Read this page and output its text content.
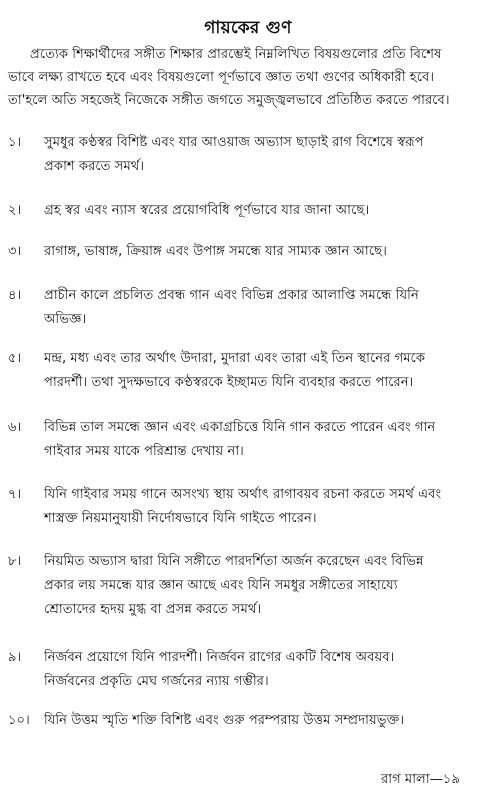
গায়কের গুণ
প্রত্যেক শিক্ষার্থীদের সঙ্গীত শিক্ষার প্রারম্ভেই নিম্নলিখিত বিষয়গুলোর প্রতি বিশেষ
ভাবে লক্ষ্য রাখতে হবে এবং বিষয়গুলো পূর্ণভাবে জ্ঞাত তথা গুণের অধিকারী হবে।
তা'হলে অতি সহজেই নিজেকে সঙ্গীত জগতে সমুজ্জ্বলভাবে প্রতিষ্ঠিত করতে পারবে।
১।	সুমধুর কণ্ঠস্বর বিশিষ্ট এবং যার আওয়াজ অভ্যাস ছাড়াই রাগ বিশেষে স্বরূপ
প্রকাশ করতে সমর্থ।
২।	গ্রহ স্বর এবং ন্যাস স্বরের প্রয়োগবিধি পূর্ণভাবে যার জানা আছে।
৩।	রাগাঙ্গ, ভাষাঙ্গ, ক্রিয়াঙ্গ এবং উপাঙ্গ সমন্ধে যার সাম্যক জ্ঞান আছে।
৪।	প্রাচীন কালে প্রচলিত প্রবন্ধ গান এবং বিভিন্ন প্রকার আলাপ্তি সমন্ধে যিনি
অভিজ্ঞ।
৫।	মন্দ্র, মধ্য এবং তার অর্থাৎ উদারা, মুদারা এবং তারা এই তিন স্থানের গমকে
পারদর্শী। তথা সুদক্ষভাবে কণ্ঠস্বরকে ইচ্ছামত যিনি ব্যবহার করতে পারেন।
৬।	বিভিন্ন তাল সমন্ধে জ্ঞান এবং একাগ্রচিত্তে যিনি গান করতে পারেন এবং গান
গাইবার সময় যাকে পরিশ্রান্ত দেখায় না।
৭।	যিনি গাইবার সময় গানে অসংখ্য স্থায় অর্থাৎ রাগাবয়ব রচনা করতে সমর্থ এবং
শাস্ত্রক্ত নিয়মানুযায়ী নির্দোষভাবে যিনি গাইতে পারেন।
৮।	নিয়মিত অভ্যাস দ্বারা যিনি সঙ্গীতে পারদর্শিতা অর্জন করেছেন এবং বিভিন্ন
প্রকার লয় সমন্ধে যার জ্ঞান আছে এবং যিনি সমধুর সঙ্গীতের সাহায্যে
শ্রোতাদের হৃদয় মুগ্ধ বা প্রসন্ন করতে সমর্থ।
৯।	নির্জবন প্রয়োগে যিনি পারদর্শী। নির্জবন রাগের একটি বিশেষ অবয়ব।
নির্জবনের প্রকৃতি মেঘ গর্জনের ন্যায় গম্ভীর।
১০।	যিনি উত্তম স্মৃতি শক্তি বিশিষ্ট এবং গুরু পরম্পরায় উত্তম সম্প্রদায়ভুক্ত।
রাগ মালা—১৯
